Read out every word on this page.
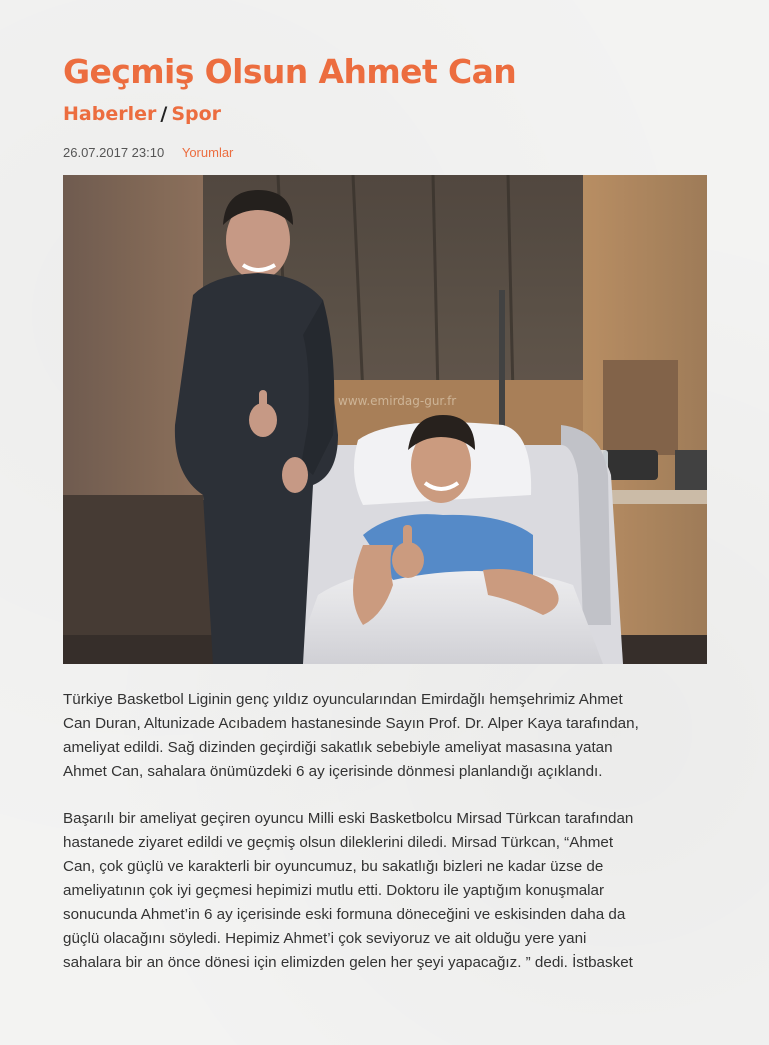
Geçmiş Olsun Ahmet Can
Haberler / Spor
26.07.2017 23:10 Yorumlar
www.emirdag-gur.fr

Türkiye Basketbol Liginin genç yıldız oyuncularından Emirdağlı hemşehrimiz Ahmet
Can Duran, Altunizade Acıbadem hastanesinde Sayın Prof. Dr. Alper Kaya tarafından,
ameliyat edildi. Sağ dizinden geçirdiği sakatlık sebebiyle ameliyat masasına yatan
Ahmet Can, sahalara önümüzdeki 6 ay içerisinde dönmesi planlandığı açıklandı.

Başarılı bir ameliyat geçiren oyuncu Milli eski Basketbolcu Mirsad Türkcan tarafından
hastanede ziyaret edildi ve geçmiş olsun dileklerini diledi. Mirsad Türkcan, “Ahmet
Can, çok güçlü ve karakterli bir oyuncumuz, bu sakatlığı bizleri ne kadar üzse de
ameliyatının çok iyi geçmesi hepimizi mutlu etti. Doktoru ile yaptığım konuşmalar
sonucunda Ahmet’in 6 ay içerisinde eski formuna döneceğini ve eskisinden daha da
güçlü olacağını söyledi. Hepimiz Ahmet’i çok seviyoruz ve ait olduğu yere yani
sahalara bir an önce dönesi için elimizden gelen her şeyi yapacağız. ” dedi. İstbasket
